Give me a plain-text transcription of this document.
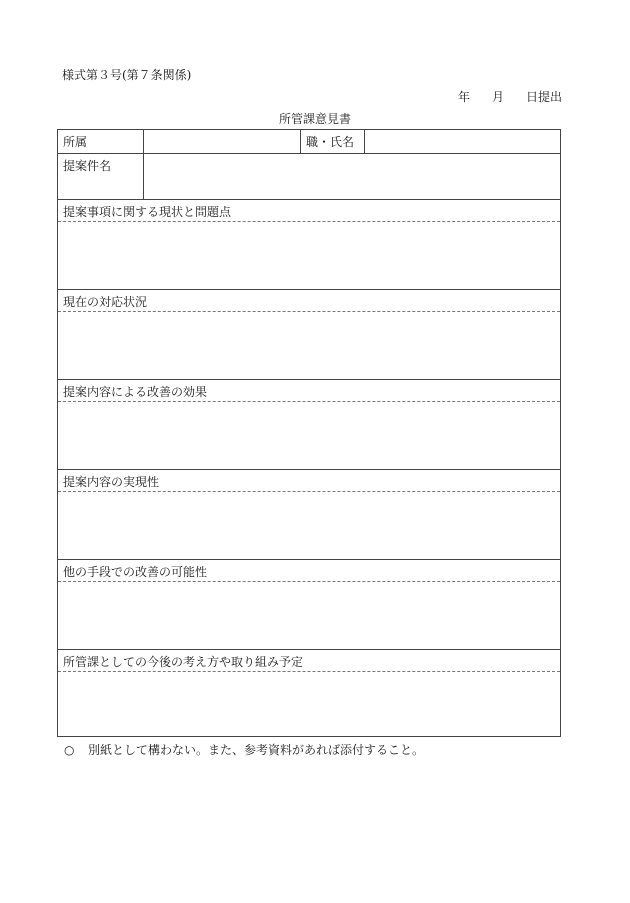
様式第３号(第７条関係)
年 月 日提出
所管課意見書
所属	職・氏名
提案件名
提案事項に関する現状と問題点
現在の対応状況
提案内容による改善の効果
提案内容の実現性
他の手段での改善の可能性
所管課としての今後の考え方や取り組み予定
○ 別紙として構わない。また、参考資料があれば添付すること。
